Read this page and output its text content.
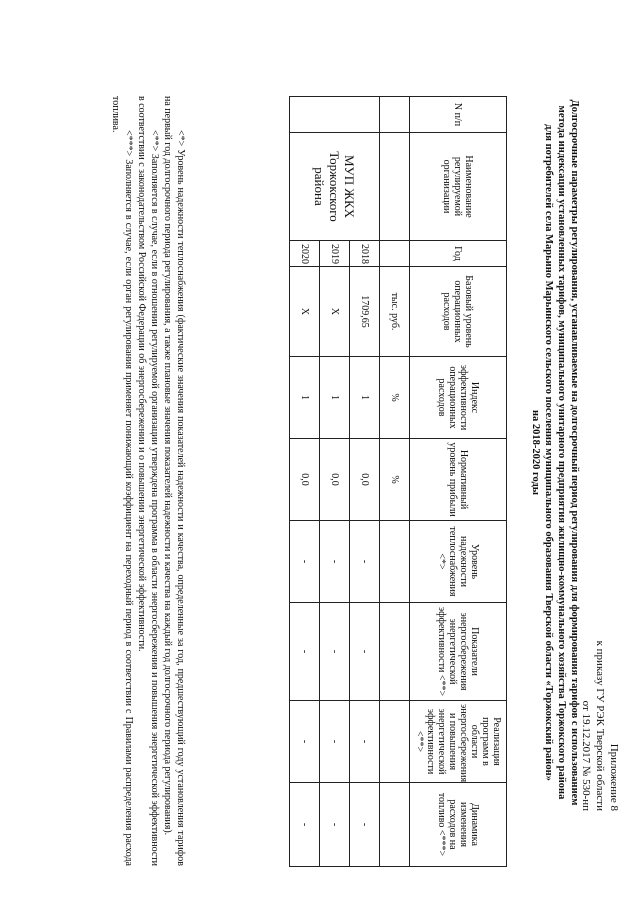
Приложение 8
к приказу ГУ РЭК Тверской области
от 19.12.2017 № 530-нп
Долгосрочные параметры регулирования, устанавливаемые на долгосрочный период регулирования для формирования тарифов с использованием
метода индексации установленных тарифов, муниципального унитарного предприятия жилищно-коммунального хозяйства Торжокского района
для потребителей села Марьино Марьинского сельского поселения муниципального образования Тверской области «Торжокский район»
на 2018-2020 годы
N п/п	Наименование регулируемой организации	Год	Базовый уровень операционных расходов	Индекс эффективности операционных расходов	Нормативный уровень прибыли	Уровень надежности теплоснабжения <*>	Показатели энергосбережения энергетической эффективности <**>	Реализация программ в области энергосбережения и повышения энергетической эффективности <**>	Динамика изменения расходов на топливо <***>
			тыс. руб.	%	%				
	МУП ЖКХ Торжокского района	2018	1709,65	1	0,0	-	-	-	-
		2019	Х	1	0,0	-	-	-	-
		2020	Х	1	0,0	-	-	-	-

<*> Уровень надежности теплоснабжения (фактические значения показателей надежности и качества, определенные за год, предшествующий году установления тарифов на первый год долгосрочного периода регулирования, а также плановые значения показателей надежности и качества на каждый год долгосрочного периода регулирования).

<**> Заполняется в случае, если в отношении регулируемой организации утверждена программа в области энергосбережения и повышения энергетической эффективности в соответствии с законодательством Российской Федерации об энергосбережении и о повышении энергетической эффективности.

<***> Заполняется в случае, если орган регулирования применяет понижающий коэффициент на переходный период в соответствии с Правилами распределения расхода топлива.
